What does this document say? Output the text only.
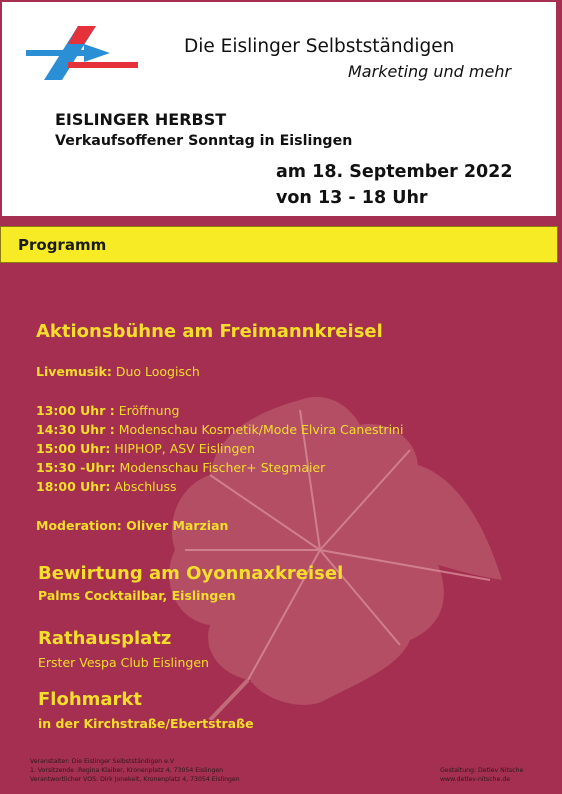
Die Eislinger Selbstständigen
Marketing und mehr
EISLINGER HERBST
Verkaufsoffener Sonntag in Eislingen
am 18. September 2022
von 13 - 18 Uhr
Programm
Aktionsbühne am Freimannkreisel
Livemusik: Duo Loogisch
13:00 Uhr : Eröffnung
14:30 Uhr : Modenschau Kosmetik/Mode Elvira Canestrini
15:00 Uhr: HIPHOP, ASV Eislingen
15:30 -Uhr: Modenschau Fischer+ Stegmaier
18:00 Uhr: Abschluss
Moderation: Oliver Marzian
Bewirtung am Oyonnaxkreisel
Palms Cocktailbar, Eislingen
Rathausplatz
Erster Vespa Club Eislingen
Flohmarkt
in der Kirchstraße/Ebertstraße
Veranstalter: Die Eislinger Selbstständigen e.V
1. Vorsitzende :Regina Klaiber, Kronenplatz 4, 73054 Eislingen
Verantwortlicher VOS: Dirk Jonekeit, Kronenplatz 4, 73054 Eislingen
Gestaltung: Detlev Nitsche
www.detlev-nitsche.de
